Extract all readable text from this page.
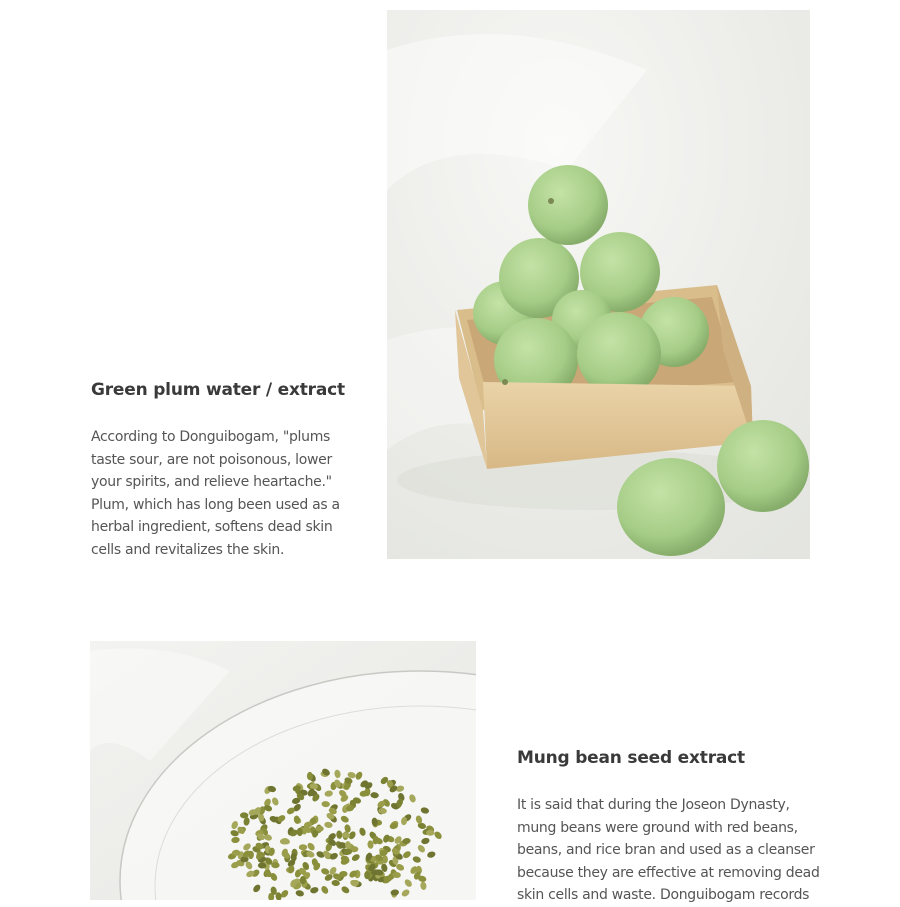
Green plum water / extract
According to Donguibogam, "plums
taste sour, are not poisonous, lower
your spirits, and relieve heartache."
Plum, which has long been used as a
herbal ingredient, softens dead skin
cells and revitalizes the skin.
Mung bean seed extract
It is said that during the Joseon Dynasty,
mung beans were ground with red beans,
beans, and rice bran and used as a cleanser
because they are effective at removing dead
skin cells and waste. Donguibogam records
